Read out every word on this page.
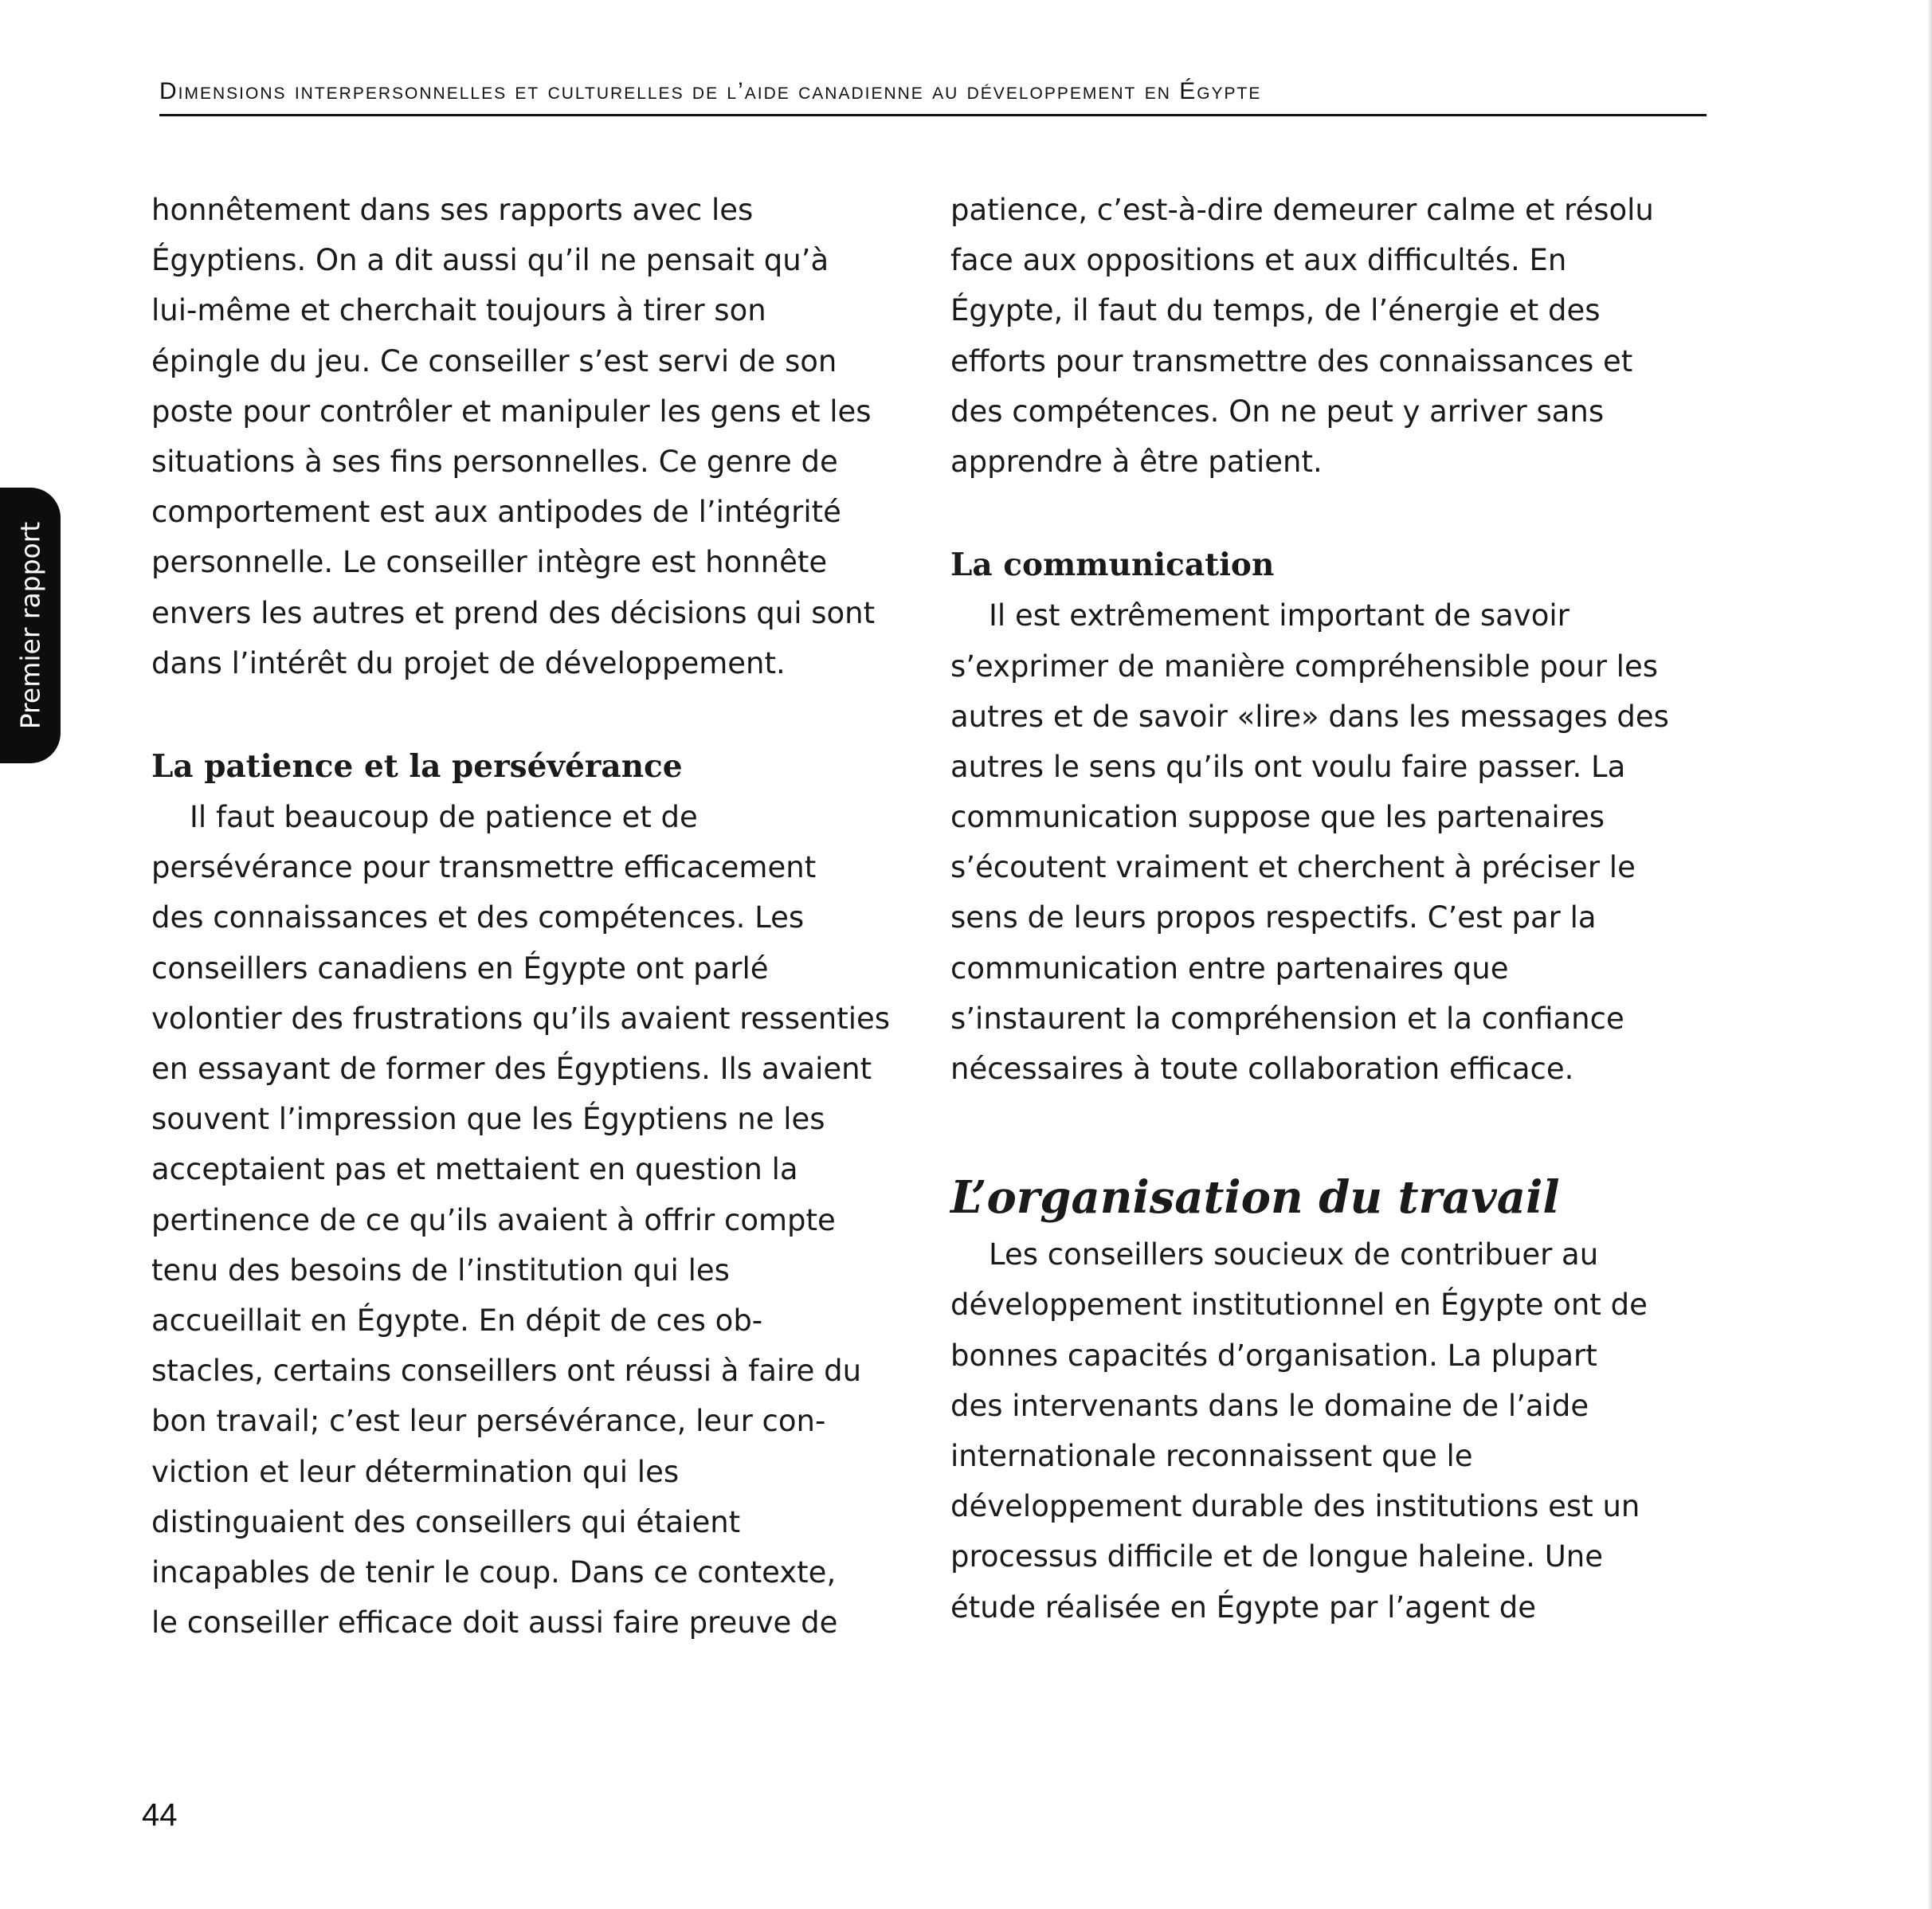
Dimensions interpersonnelles et culturelles de l’aide canadienne au développement en Égypte
Premier rapport
honnêtement dans ses rapports avec les
Égyptiens. On a dit aussi qu’il ne pensait qu’à
lui-même et cherchait toujours à tirer son
épingle du jeu. Ce conseiller s’est servi de son
poste pour contrôler et manipuler les gens et les
situations à ses fins personnelles. Ce genre de
comportement est aux antipodes de l’intégrité
personnelle. Le conseiller intègre est honnête
envers les autres et prend des décisions qui sont
dans l’intérêt du projet de développement.
La patience et la persévérance
Il faut beaucoup de patience et de
persévérance pour transmettre efficacement
des connaissances et des compétences. Les
conseillers canadiens en Égypte ont parlé
volontier des frustrations qu’ils avaient ressenties
en essayant de former des Égyptiens. Ils avaient
souvent l’impression que les Égyptiens ne les
acceptaient pas et mettaient en question la
pertinence de ce qu’ils avaient à offrir compte
tenu des besoins de l’institution qui les
accueillait en Égypte. En dépit de ces ob-
stacles, certains conseillers ont réussi à faire du
bon travail; c’est leur persévérance, leur con-
viction et leur détermination qui les
distinguaient des conseillers qui étaient
incapables de tenir le coup. Dans ce contexte,
le conseiller efficace doit aussi faire preuve de
patience, c’est-à-dire demeurer calme et résolu
face aux oppositions et aux difficultés. En
Égypte, il faut du temps, de l’énergie et des
efforts pour transmettre des connaissances et
des compétences. On ne peut y arriver sans
apprendre à être patient.
La communication
Il est extrêmement important de savoir
s’exprimer de manière compréhensible pour les
autres et de savoir «lire» dans les messages des
autres le sens qu’ils ont voulu faire passer. La
communication suppose que les partenaires
s’écoutent vraiment et cherchent à préciser le
sens de leurs propos respectifs. C’est par la
communication entre partenaires que
s’instaurent la compréhension et la confiance
nécessaires à toute collaboration efficace.
L’organisation du travail
Les conseillers soucieux de contribuer au
développement institutionnel en Égypte ont de
bonnes capacités d’organisation. La plupart
des intervenants dans le domaine de l’aide
internationale reconnaissent que le
développement durable des institutions est un
processus difficile et de longue haleine. Une
étude réalisée en Égypte par l’agent de
44
